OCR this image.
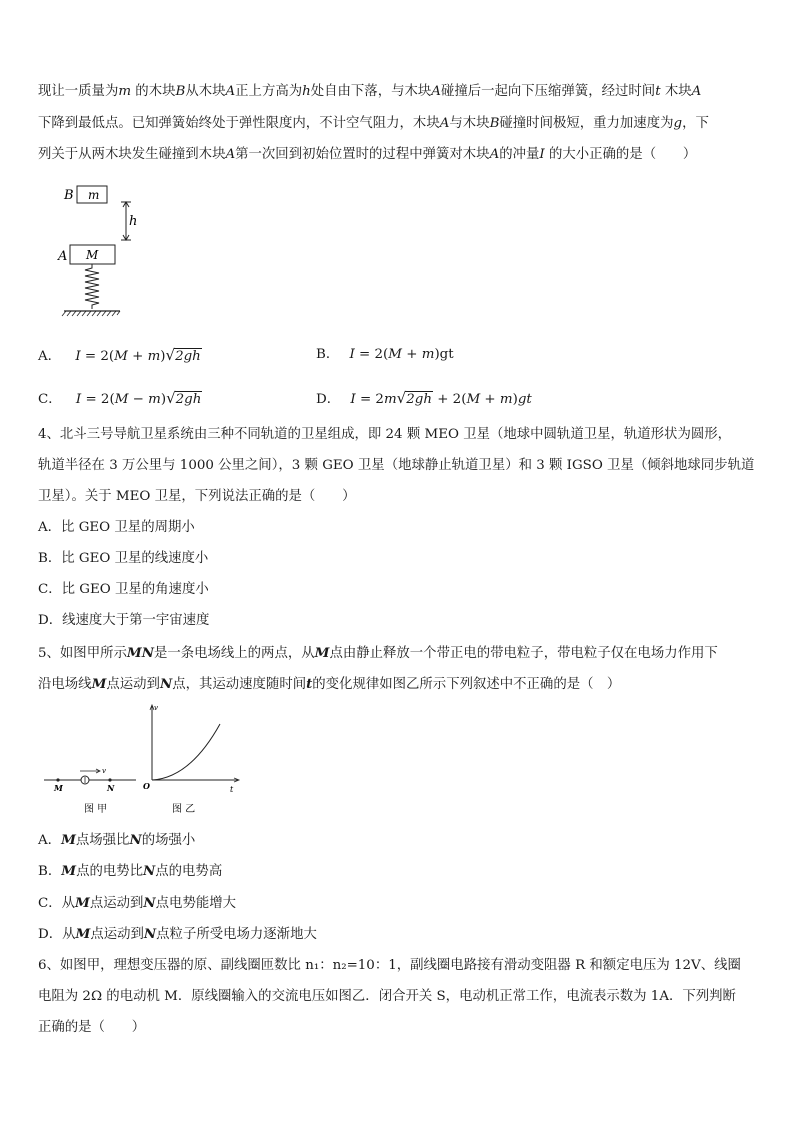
现让一质量为m 的木块B从木块A正上方高为h处自由下落，与木块A碰撞后一起向下压缩弹簧，经过时间t 木块A
下降到最低点。已知弹簧始终处于弹性限度内，不计空气阻力，木块A与木块B碰撞时间极短，重力加速度为g，下
列关于从两木块发生碰撞到木块A第一次回到初始位置时的过程中弹簧对木块A的冲量I 的大小正确的是（　　）
B m
h
A M
A． I = 2(M + m)√2gh	B． I = 2(M + m)gt
C． I = 2(M − m)√2gh	D． I = 2m√2gh + 2(M + m)gt
4、北斗三号导航卫星系统由三种不同轨道的卫星组成，即 24 颗 MEO 卫星（地球中圆轨道卫星，轨道形状为圆形，
轨道半径在 3 万公里与 1000 公里之间），3 颗 GEO 卫星（地球静止轨道卫星）和 3 颗 IGSO 卫星（倾斜地球同步轨道
卫星）。关于 MEO 卫星，下列说法正确的是（　　）
A．比 GEO 卫星的周期小
B．比 GEO 卫星的线速度小
C．比 GEO 卫星的角速度小
D．线速度大于第一宇宙速度
5、如图甲所示MN是一条电场线上的两点，从M点由静止释放一个带正电的带电粒子，带电粒子仅在电场力作用下
沿电场线M点运动到N点，其运动速度随时间t的变化规律如图乙所示下列叙述中不正确的是（　）
v
M	N
图 甲
v
t
O
图 乙
A．M点场强比N的场强小
B．M点的电势比N点的电势高
C．从M点运动到N点电势能增大
D．从M点运动到N点粒子所受电场力逐渐地大
6、如图甲，理想变压器的原、副线圈匝数比 n₁：n₂=10：1，副线圈电路接有滑动变阻器 R 和额定电压为 12V、线圈
电阻为 2Ω 的电动机 M．原线圈输入的交流电压如图乙．闭合开关 S，电动机正常工作，电流表示数为 1A．下列判断
正确的是（　　）
